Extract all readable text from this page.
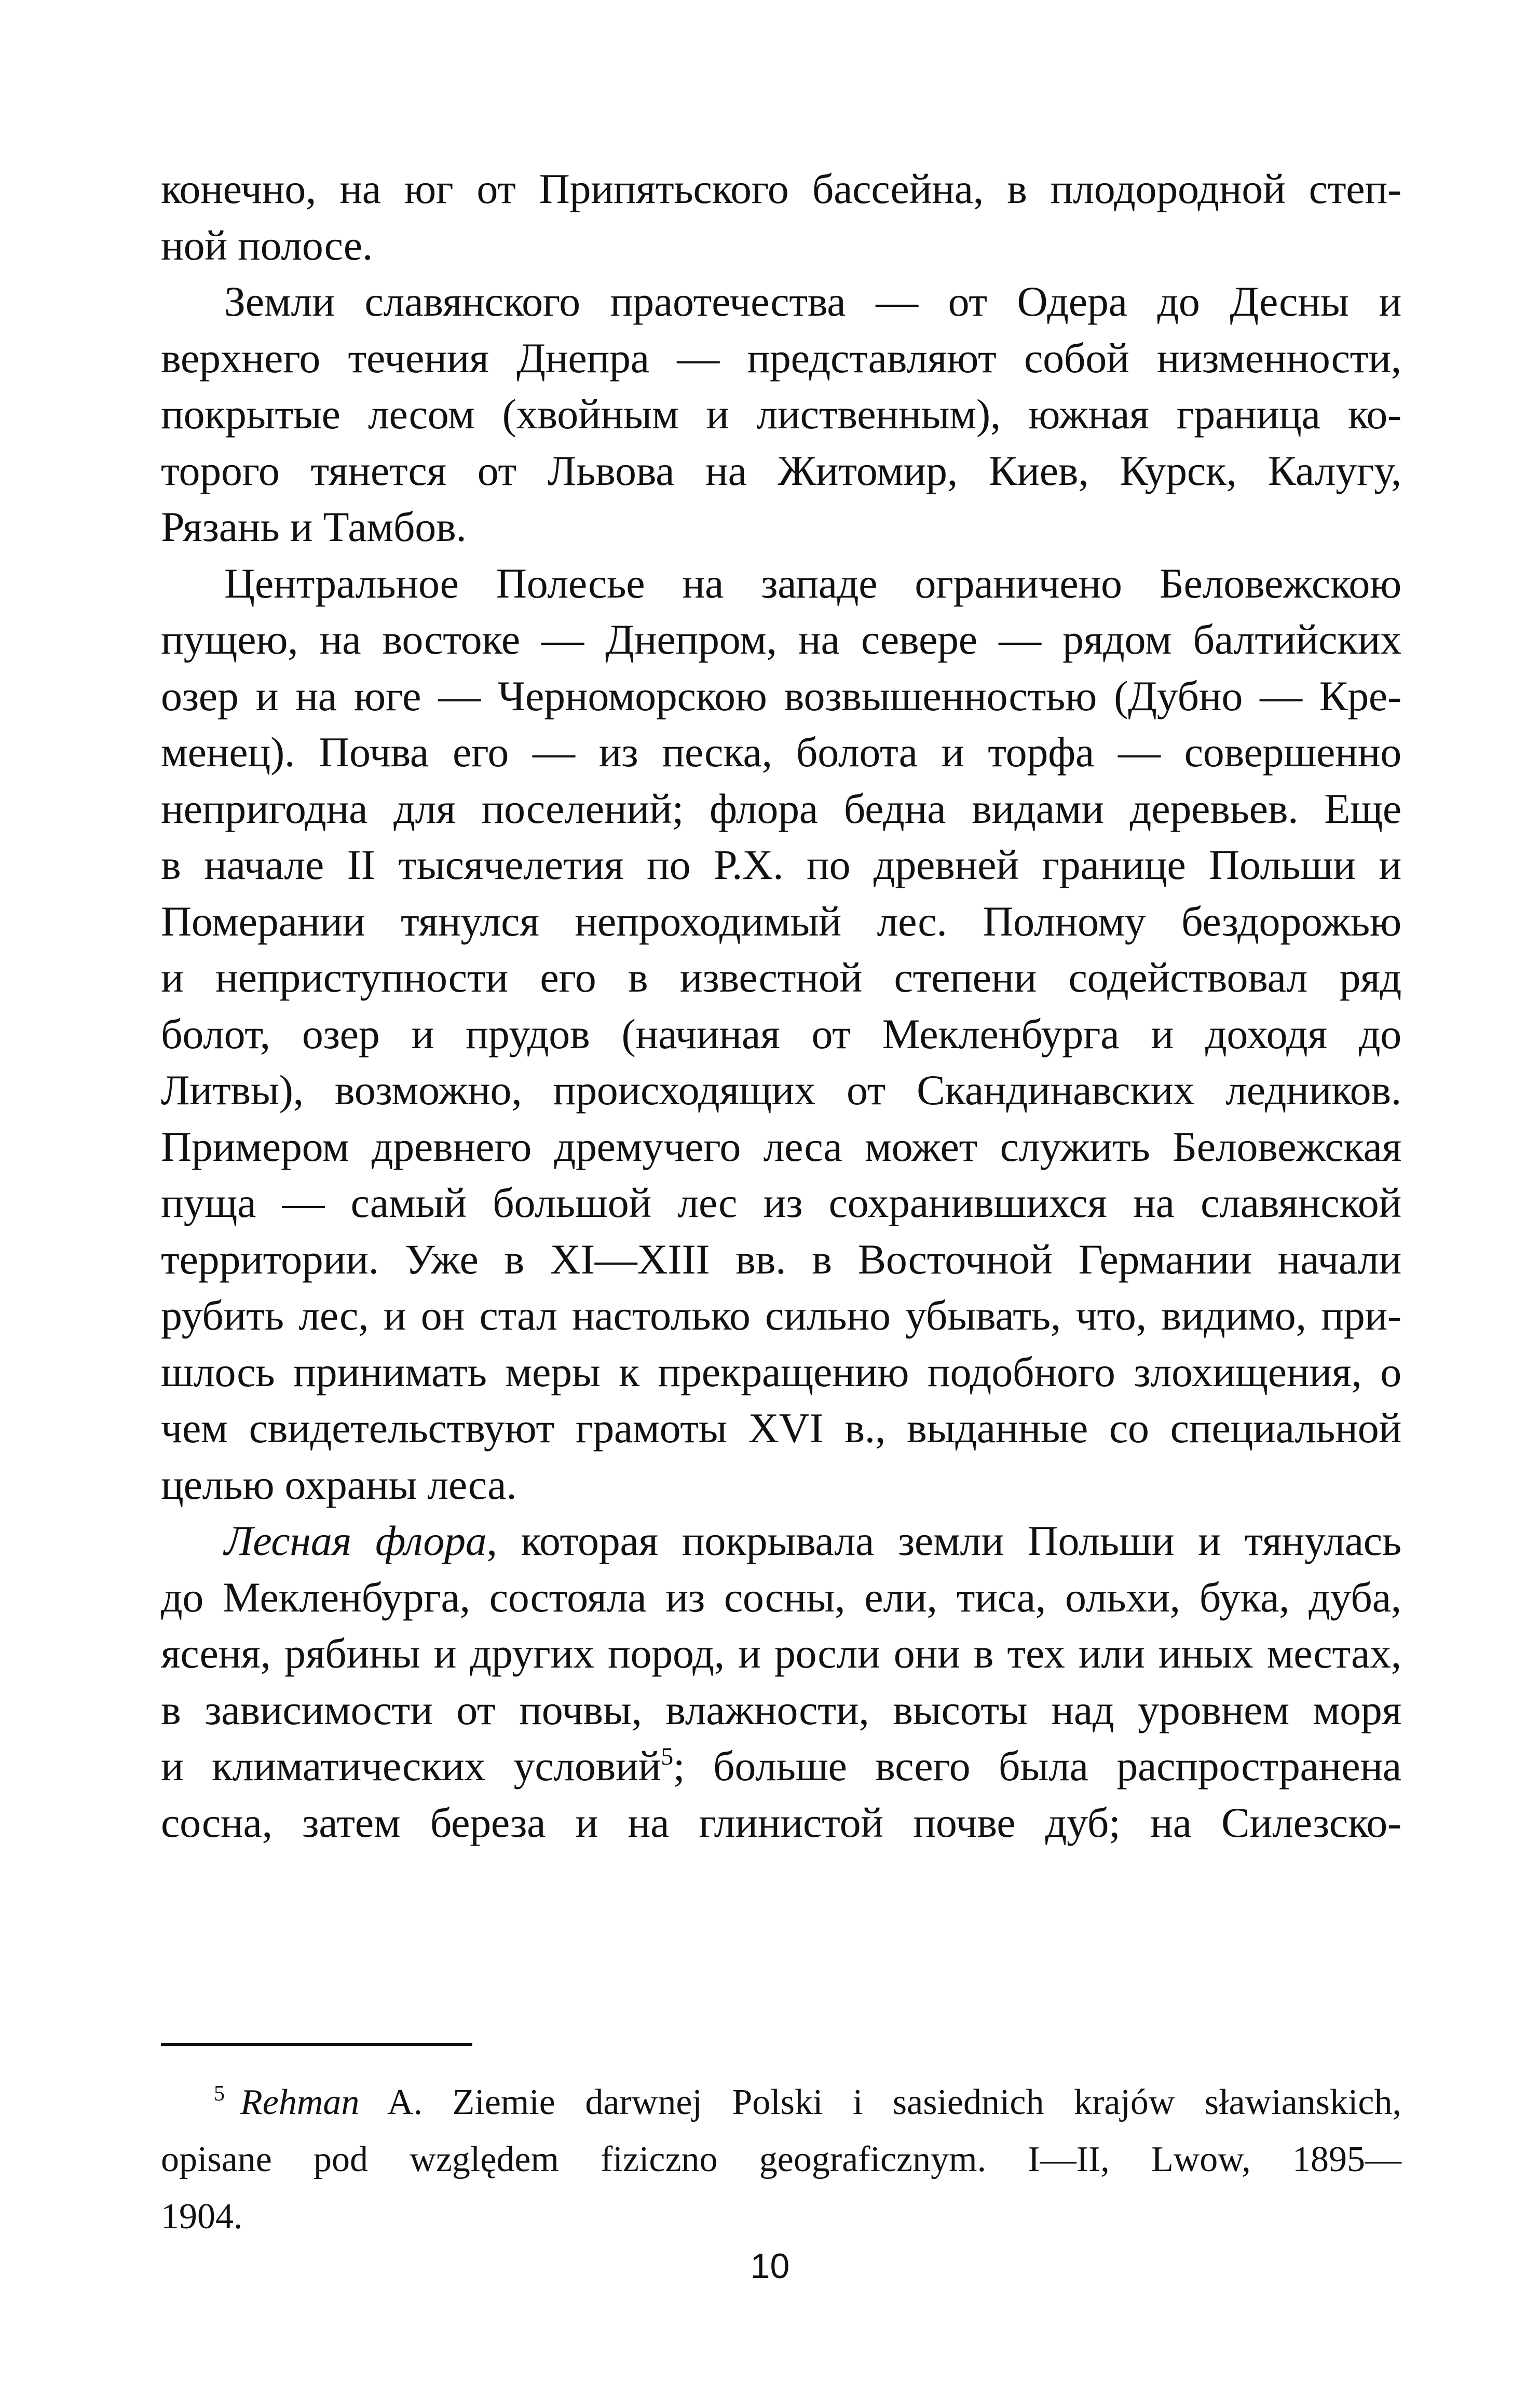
конечно, на юг от Припятьского бассейна, в плодородной степ-
ной полосе.
Земли славянского праотечества — от Одера до Десны и
верхнего течения Днепра — представляют собой низменности,
покрытые лесом (хвойным и лиственным), южная граница ко-
торого тянется от Львова на Житомир, Киев, Курск, Калугу,
Рязань и Тамбов.
Центральное Полесье на западе ограничено Беловежскою
пущею, на востоке — Днепром, на севере — рядом балтийских
озер и на юге — Черноморскою возвышенностью (Дубно — Кре-
менец). Почва его — из песка, болота и торфа — совершенно
непригодна для поселений; флора бедна видами деревьев. Еще
в начале II тысячелетия по Р.Х. по древней границе Польши и
Померании тянулся непроходимый лес. Полному бездорожью
и неприступности его в известной степени содействовал ряд
болот, озер и прудов (начиная от Мекленбурга и доходя до
Литвы), возможно, происходящих от Скандинавских ледников.
Примером древнего дремучего леса может служить Беловежская
пуща — самый большой лес из сохранившихся на славянской
территории. Уже в XI—XIII вв. в Восточной Германии начали
рубить лес, и он стал настолько сильно убывать, что, видимо, при-
шлось принимать меры к прекращению подобного злохищения, о
чем свидетельствуют грамоты XVI в., выданные со специальной
целью охраны леса.
Лесная флора, которая покрывала земли Польши и тянулась
до Мекленбурга, состояла из сосны, ели, тиса, ольхи, бука, дуба,
ясеня, рябины и других пород, и росли они в тех или иных местах,
в зависимости от почвы, влажности, высоты над уровнем моря
и климатических условий$^5$; больше всего была распространена
сосна, затем береза и на глинистой почве дуб; на Силезско-
$^5$ Rehman A. Ziemie darwnej Polski i sasiednich krajów sławianskich,
opisane pod względem fiziczno geograficznym. I—II, Lwow, 1895—
1904.
10
